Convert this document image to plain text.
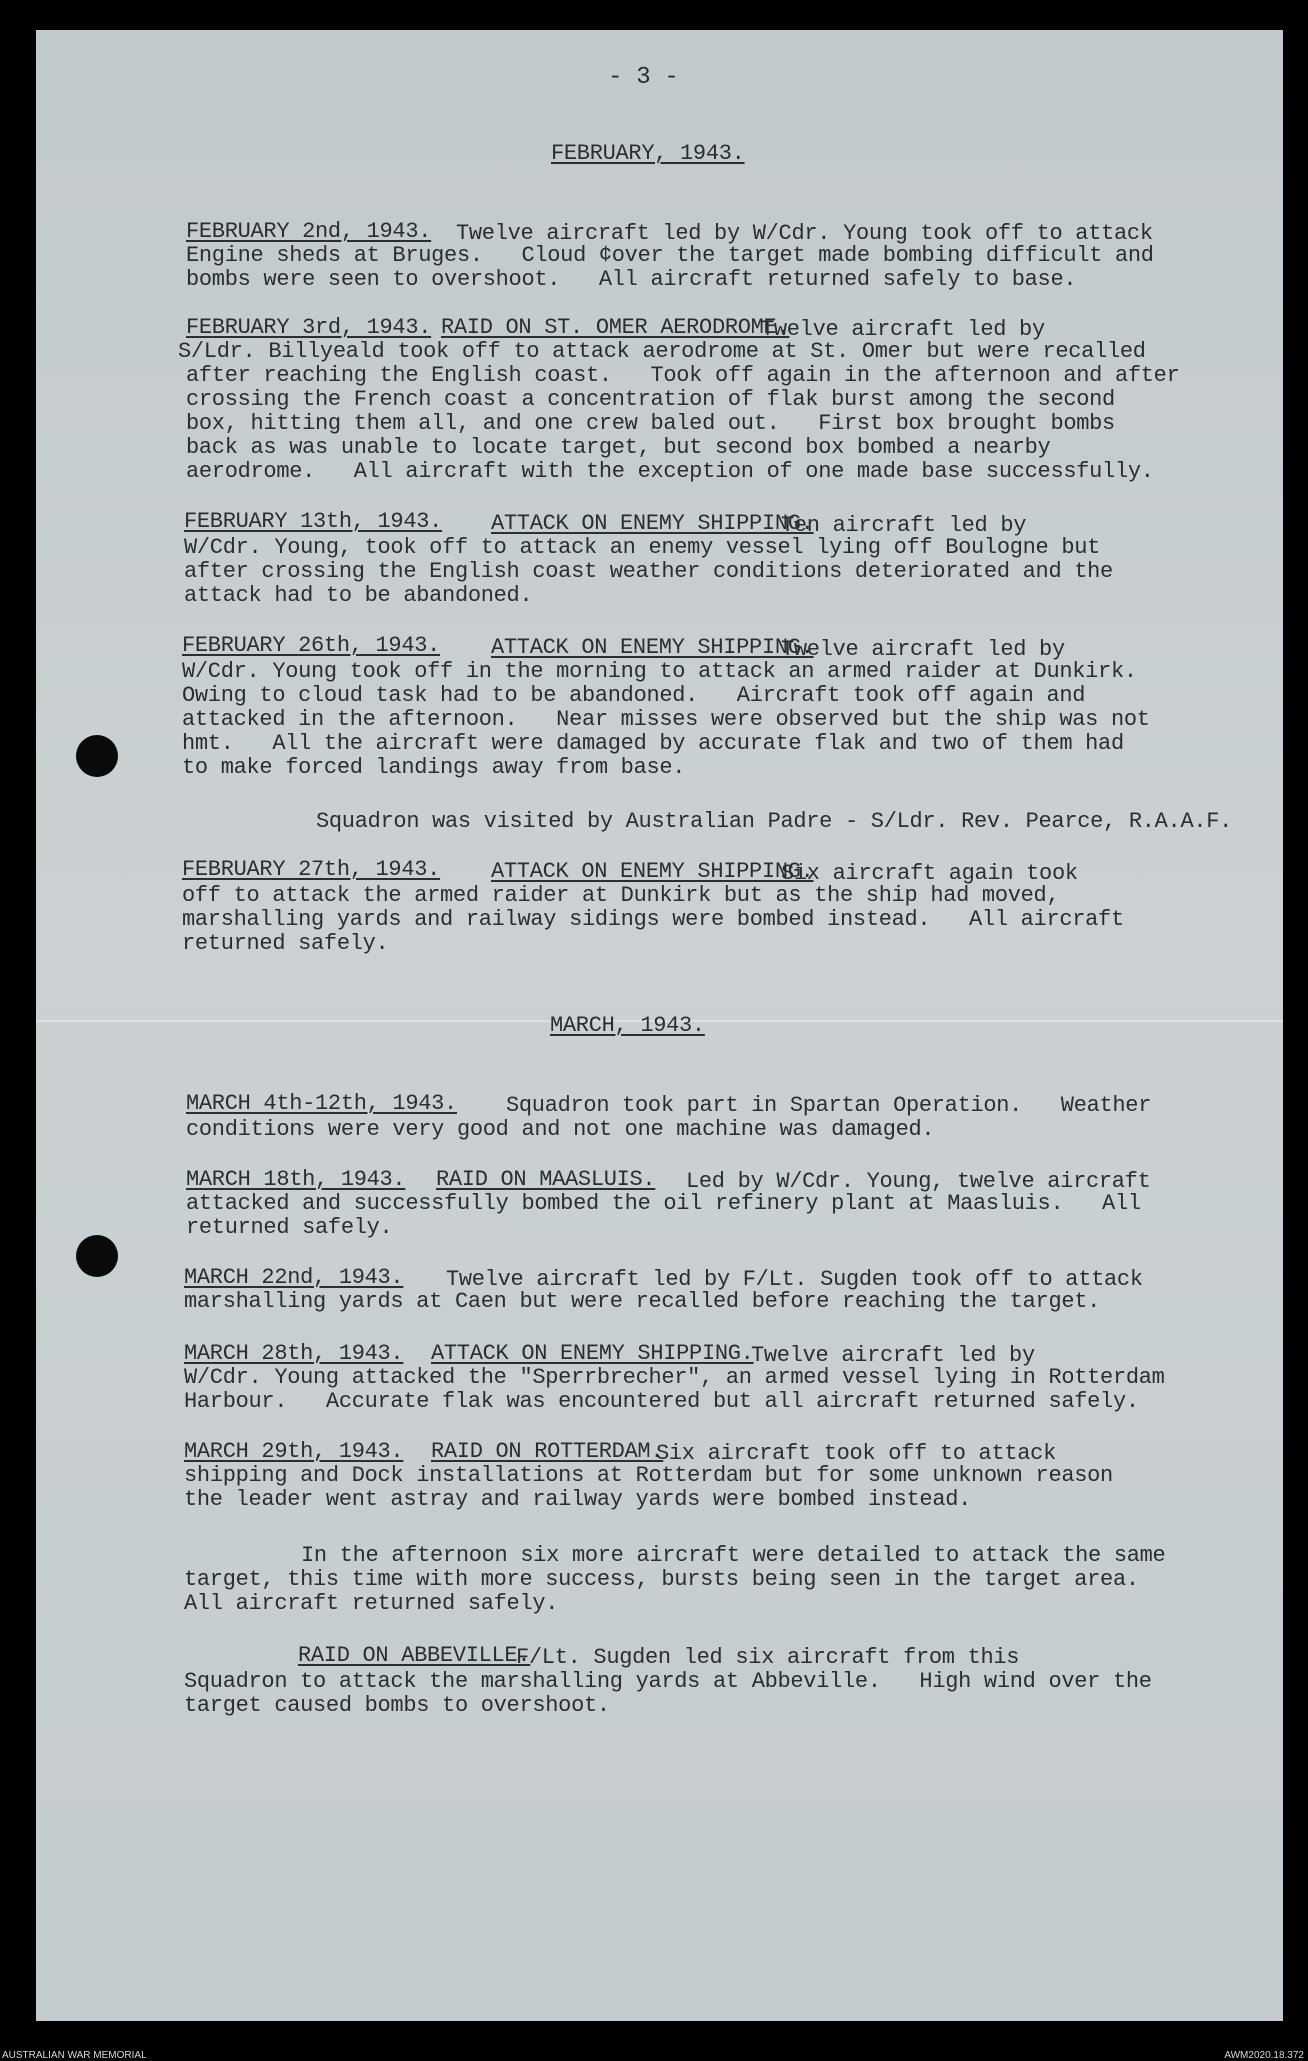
- 3 -
FEBRUARY, 1943.
FEBRUARY 2nd, 1943. Twelve aircraft led by W/Cdr. Young took off to attack
Engine sheds at Bruges.   Cloud ¢over the target made bombing difficult and
bombs were seen to overshoot.   All aircraft returned safely to base.
FEBRUARY 3rd, 1943. RAID ON ST. OMER AERODROME.
Twelve aircraft led by
S/Ldr. Billyeald took off to attack aerodrome at St. Omer but were recalled
after reaching the English coast.   Took off again in the afternoon and after
crossing the French coast a concentration of flak burst among the second
box, hitting them all, and one crew baled out.   First box brought bombs
back as was unable to locate target, but second box bombed a nearby
aerodrome.   All aircraft with the exception of one made base successfully.
FEBRUARY 13th, 1943. ATTACK ON ENEMY SHIPPING.
Ten aircraft led by
W/Cdr. Young, took off to attack an enemy vessel lying off Boulogne but
after crossing the English coast weather conditions deteriorated and the
attack had to be abandoned.
FEBRUARY 26th, 1943. ATTACK ON ENEMY SHIPPING.
Twelve aircraft led by
W/Cdr. Young took off in the morning to attack an armed raider at Dunkirk.
Owing to cloud task had to be abandoned.   Aircraft took off again and
attacked in the afternoon.   Near misses were observed but the ship was not
hmt.   All the aircraft were damaged by accurate flak and two of them had
to make forced landings away from base.
Squadron was visited by Australian Padre - S/Ldr. Rev. Pearce, R.A.A.F.
FEBRUARY 27th, 1943. ATTACK ON ENEMY SHIPPING.
Six aircraft again took
off to attack the armed raider at Dunkirk but as the ship had moved,
marshalling yards and railway sidings were bombed instead.   All aircraft
returned safely.
MARCH, 1943.
MARCH 4th-12th, 1943. Squadron took part in Spartan Operation.   Weather
conditions were very good and not one machine was damaged.
MARCH 18th, 1943. RAID ON MAASLUIS. Led by W/Cdr. Young, twelve aircraft
attacked and successfully bombed the oil refinery plant at Maasluis.   All
returned safely.
MARCH 22nd, 1943. Twelve aircraft led by F/Lt. Sugden took off to attack
marshalling yards at Caen but were recalled before reaching the target.
MARCH 28th, 1943. ATTACK ON ENEMY SHIPPING.
Twelve aircraft led by
W/Cdr. Young attacked the "Sperrbrecher", an armed vessel lying in Rotterdam
Harbour.   Accurate flak was encountered but all aircraft returned safely.
MARCH 29th, 1943. RAID ON ROTTERDAM.
Six aircraft took off to attack
shipping and Dock installations at Rotterdam but for some unknown reason
the leader went astray and railway yards were bombed instead.
In the afternoon six more aircraft were detailed to attack the same
target, this time with more success, bursts being seen in the target area.
All aircraft returned safely.
RAID ON ABBEVILLE.
F/Lt. Sugden led six aircraft from this
Squadron to attack the marshalling yards at Abbeville.   High wind over the
target caused bombs to overshoot.
AUSTRALIAN WAR MEMORIAL	AWM2020.18.372
